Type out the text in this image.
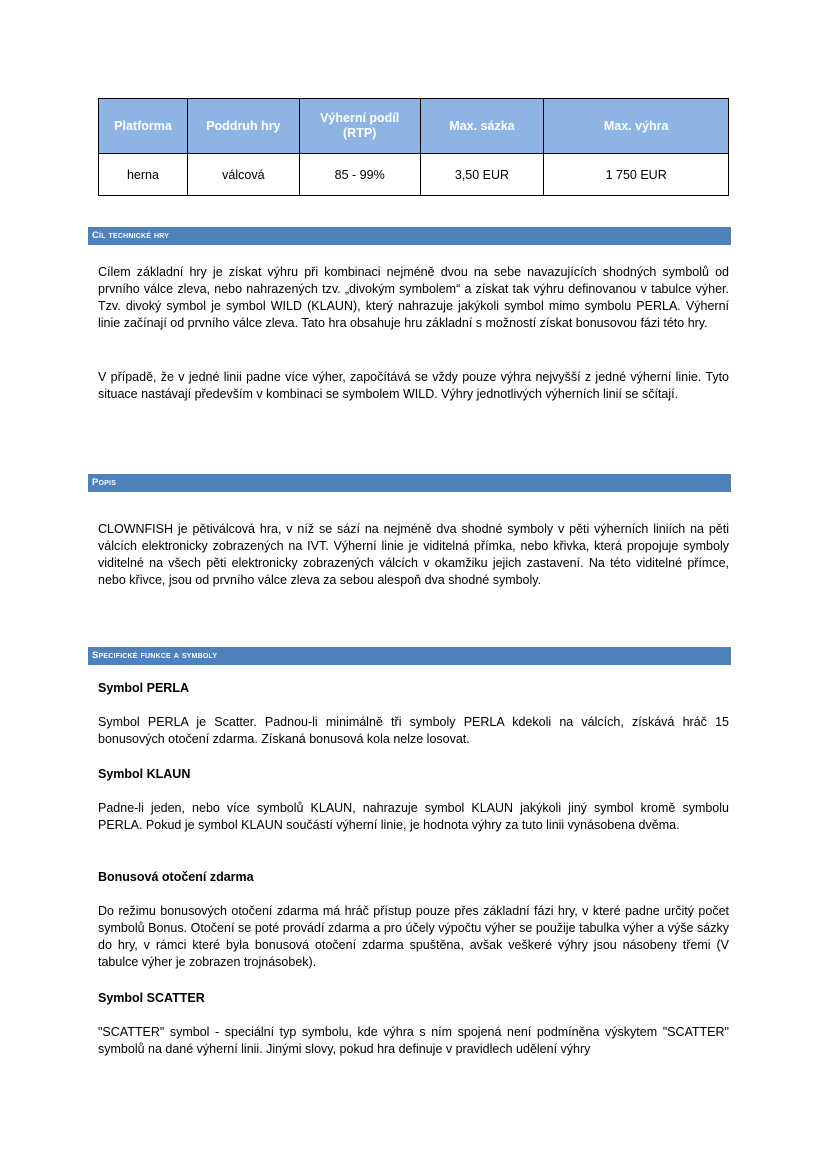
Platforma	Poddruh hry	Výherní podíl (RTP)	Max. sázka	Max. výhra
herna	válcová	85 - 99%	3,50 EUR	1 750 EUR
Cíl technické hry

Cílem základní hry je získat výhru při kombinaci nejméně dvou na sebe navazujících shodných symbolů od prvního válce zleva, nebo nahrazených tzv. „divokým symbolem“ a získat tak výhru definovanou v tabulce výher. Tzv. divoký symbol je symbol WILD (KLAUN), který nahrazuje jakýkoli symbol mimo symbolu PERLA. Výherní linie začínají od prvního válce zleva. Tato hra obsahuje hru základní s možností získat bonusovou fázi této hry.

V případě, že v jedné linii padne více výher, započítává se vždy pouze výhra nejvyšší z jedné výherní linie. Tyto situace nastávají především v kombinaci se symbolem WILD. Výhry jednotlivých výherních linií se sčítají.

Popis

CLOWNFISH je pětiválcová hra, v níž se sází na nejméně dva shodné symboly v pěti výherních liniích na pěti válcích elektronicky zobrazených na IVT. Výherní linie je viditelná přímka, nebo křivka, která propojuje symboly viditelné na všech pěti elektronicky zobrazených válcích v okamžiku jejich zastavení. Na této viditelné přímce, nebo křivce, jsou od prvního válce zleva za sebou alespoň dva shodné symboly.

Specifické funkce a symboly

Symbol PERLA

Symbol PERLA je Scatter. Padnou-li minimálně tři symboly PERLA kdekoli na válcích, získává hráč 15 bonusových otočení zdarma. Získaná bonusová kola nelze losovat.

Symbol KLAUN

Padne-li jeden, nebo více symbolů KLAUN, nahrazuje symbol KLAUN jakýkoli jiný symbol kromě symbolu PERLA. Pokud je symbol KLAUN součástí výherní linie, je hodnota výhry za tuto linii vynásobena dvěma.

Bonusová otočení zdarma

Do režimu bonusových otočení zdarma má hráč přístup pouze přes základní fázi hry, v které padne určitý počet symbolů Bonus. Otočení se poté provádí zdarma a pro účely výpočtu výher se použije tabulka výher a výše sázky do hry, v rámci které byla bonusová otočení zdarma spuštěna, avšak veškeré výhry jsou násobeny třemi (V tabulce výher je zobrazen trojnásobek).

Symbol SCATTER

"SCATTER" symbol - speciální typ symbolu, kde výhra s ním spojená není podmíněna výskytem "SCATTER" symbolů na dané výherní linii. Jinými slovy, pokud hra definuje v pravidlech udělení výhry
